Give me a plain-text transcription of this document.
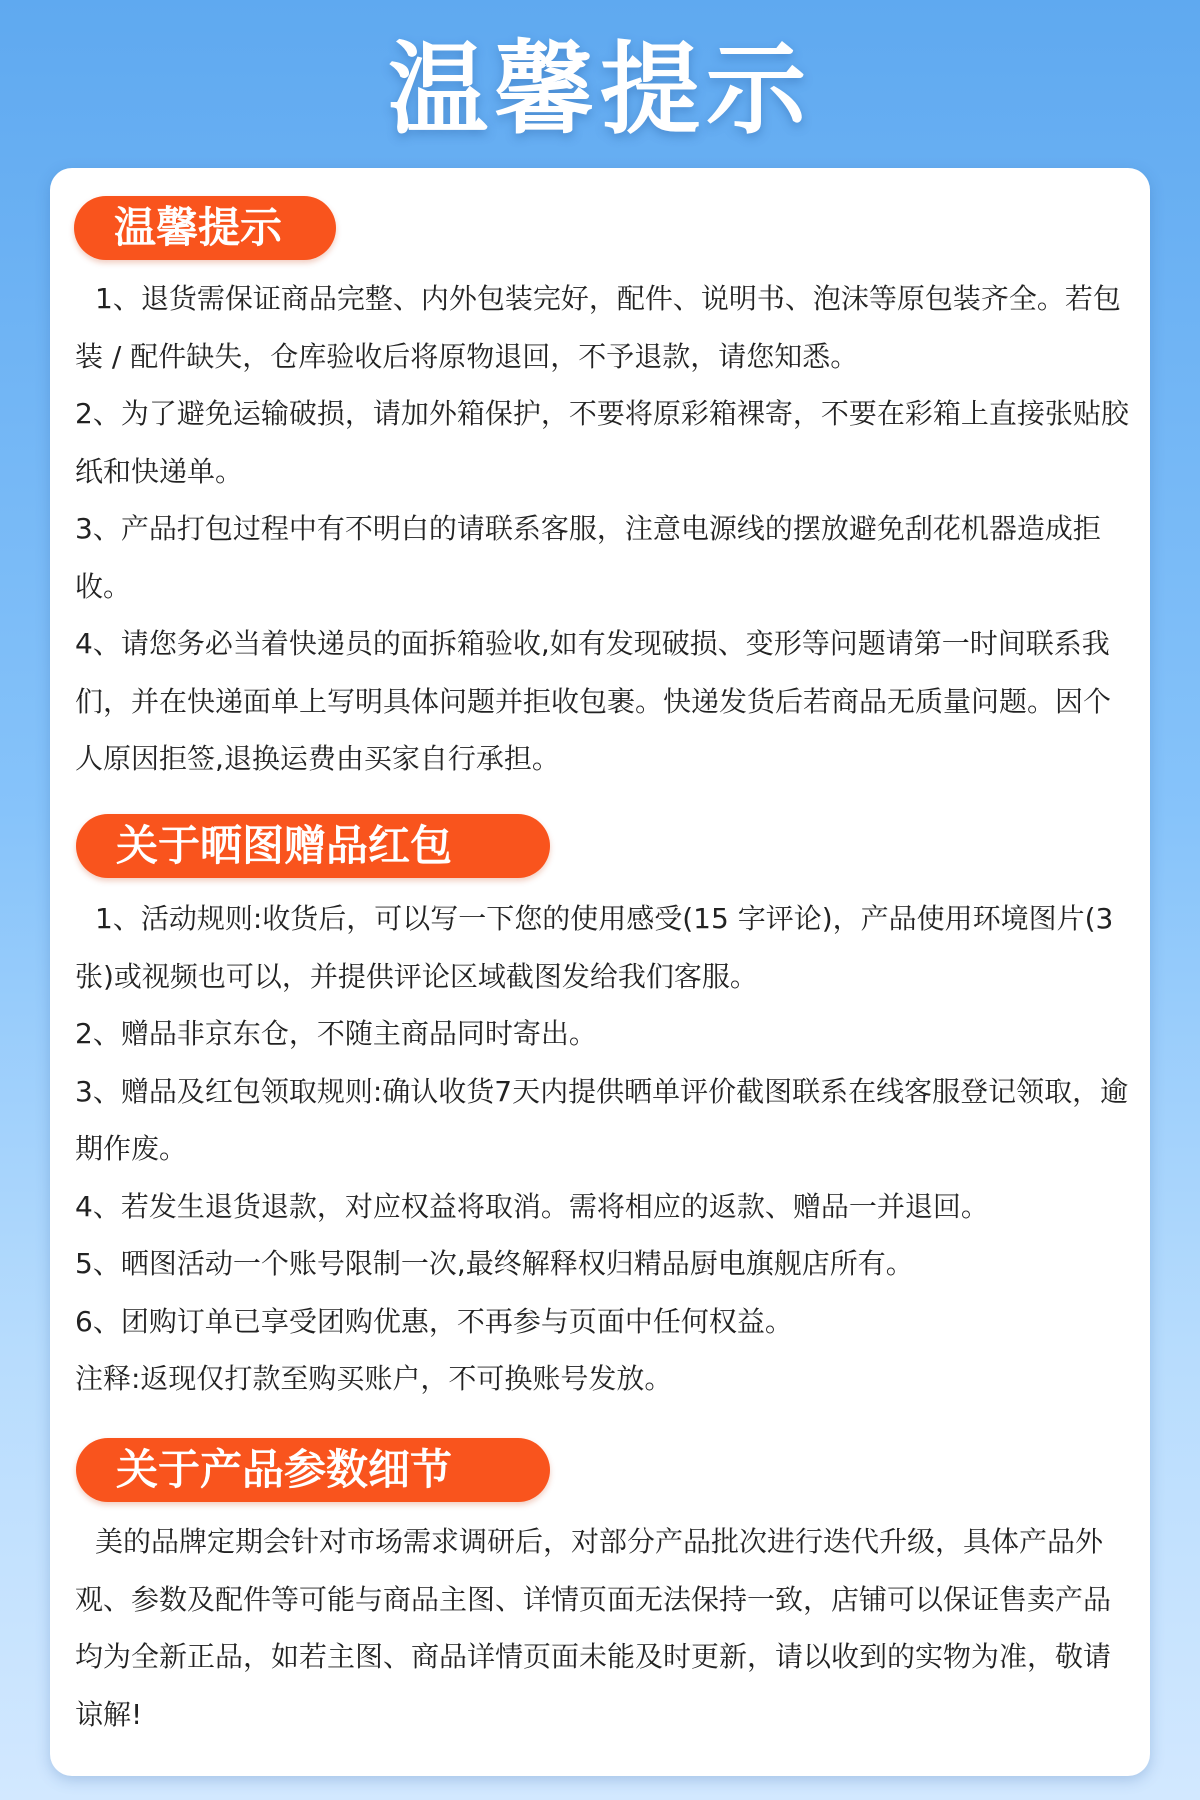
温馨提示
温馨提示

1、退货需保证商品完整、内外包装完好，配件、说明书、泡沫等原包装齐全。若包装 / 配件缺失，仓库验收后将原物退回，不予退款，请您知悉。

2、为了避免运输破损，请加外箱保护，不要将原彩箱裸寄，不要在彩箱上直接张贴胶纸和快递单。

3、产品打包过程中有不明白的请联系客服，注意电源线的摆放避免刮花机器造成拒收。

4、请您务必当着快递员的面拆箱验收,如有发现破损、变形等问题请第一时间联系我们，并在快递面单上写明具体问题并拒收包裹。快递发货后若商品无质量问题。因个人原因拒签,退换运费由买家自行承担。

关于晒图赠品红包

1、活动规则:收货后，可以写一下您的使用感受(15 字评论)，产品使用环境图片(3 张)或视频也可以，并提供评论区域截图发给我们客服。

2、赠品非京东仓，不随主商品同时寄出。

3、赠品及红包领取规则:确认收货7天内提供晒单评价截图联系在线客服登记领取，逾期作废。

4、若发生退货退款，对应权益将取消。需将相应的返款、赠品一并退回。

5、晒图活动一个账号限制一次,最终解释权归精品厨电旗舰店所有。

6、团购订单已享受团购优惠，不再参与页面中任何权益。

注释:返现仅打款至购买账户，不可换账号发放。

关于产品参数细节

美的品牌定期会针对市场需求调研后，对部分产品批次进行迭代升级，具体产品外观、参数及配件等可能与商品主图、详情页面无法保持一致，店铺可以保证售卖产品均为全新正品，如若主图、商品详情页面未能及时更新，请以收到的实物为准，敬请谅解!
